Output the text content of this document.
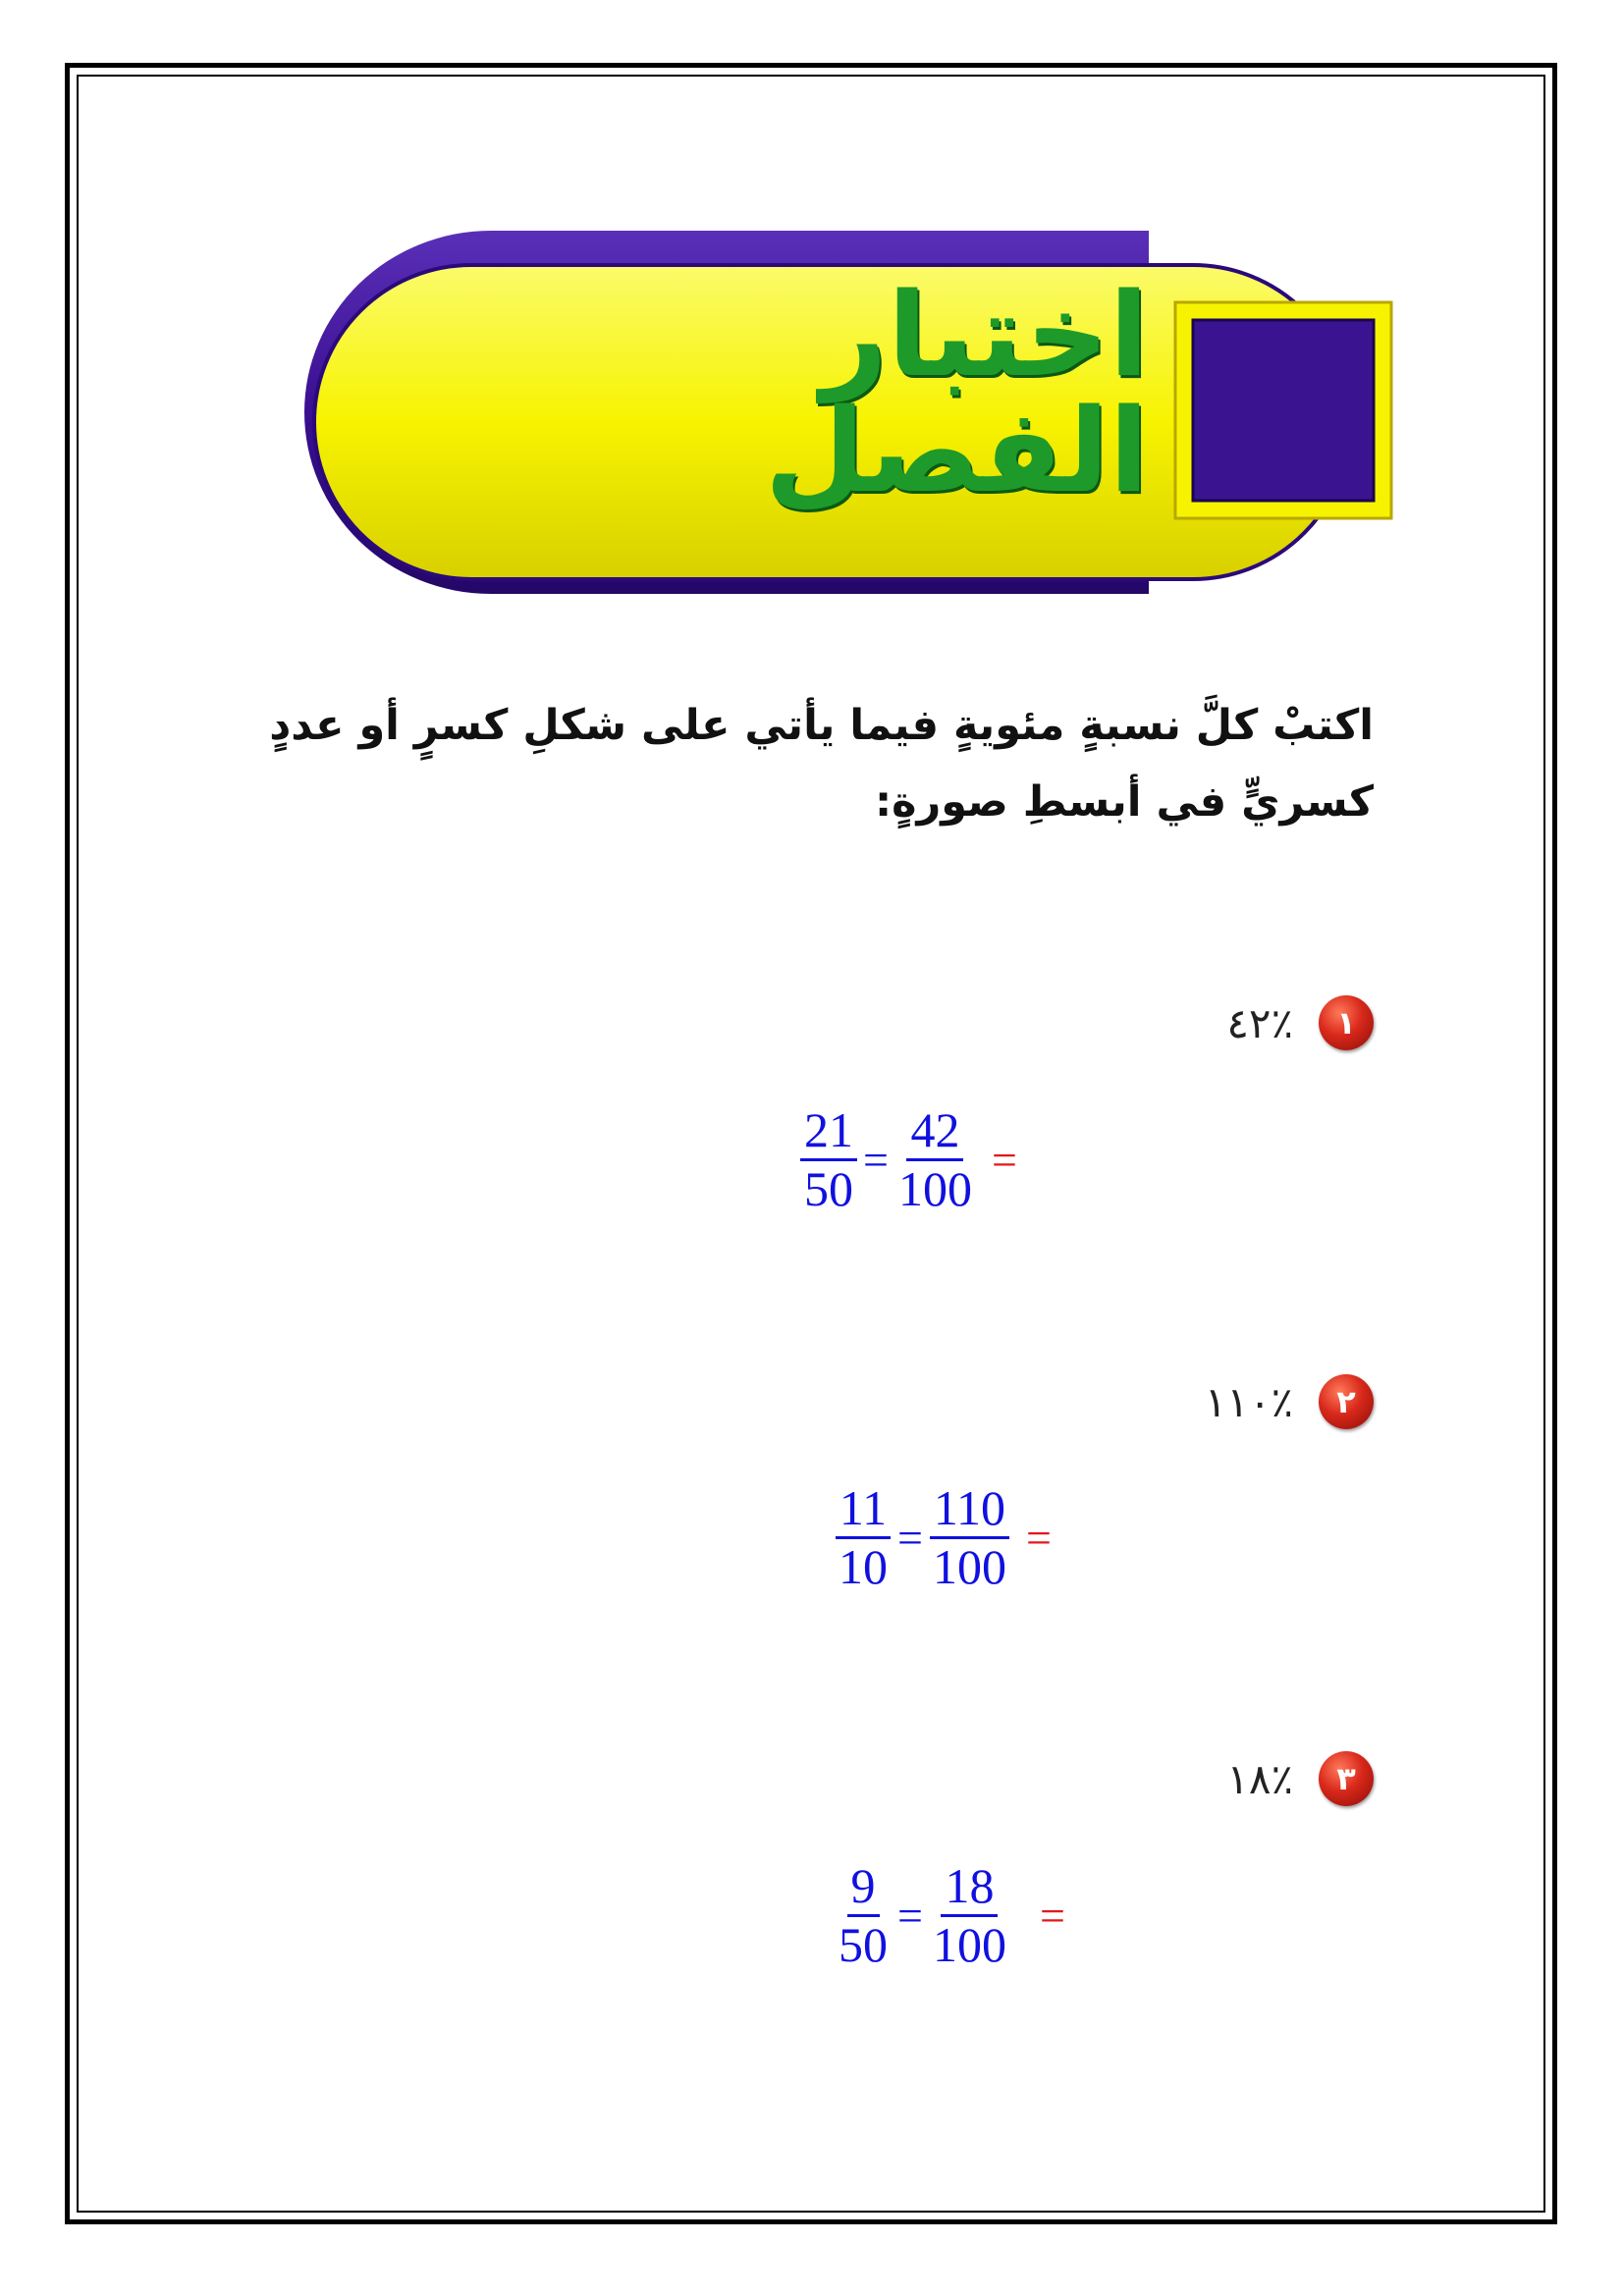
اختبار الفصل
اكتبْ كلَّ نسبةٍ مئويةٍ فيما يأتي على شكلِ كسرٍ أو عددٍ
كسريٍّ في أبسطِ صورةٍ:
١
٤٢٪
$\frac{21}{50} = \frac{42}{100}$ =
٢
١١٠٪
$\frac{11}{10} = \frac{110}{100}$ =
٣
١٨٪
$\frac{9}{50} = \frac{18}{100}$ =
